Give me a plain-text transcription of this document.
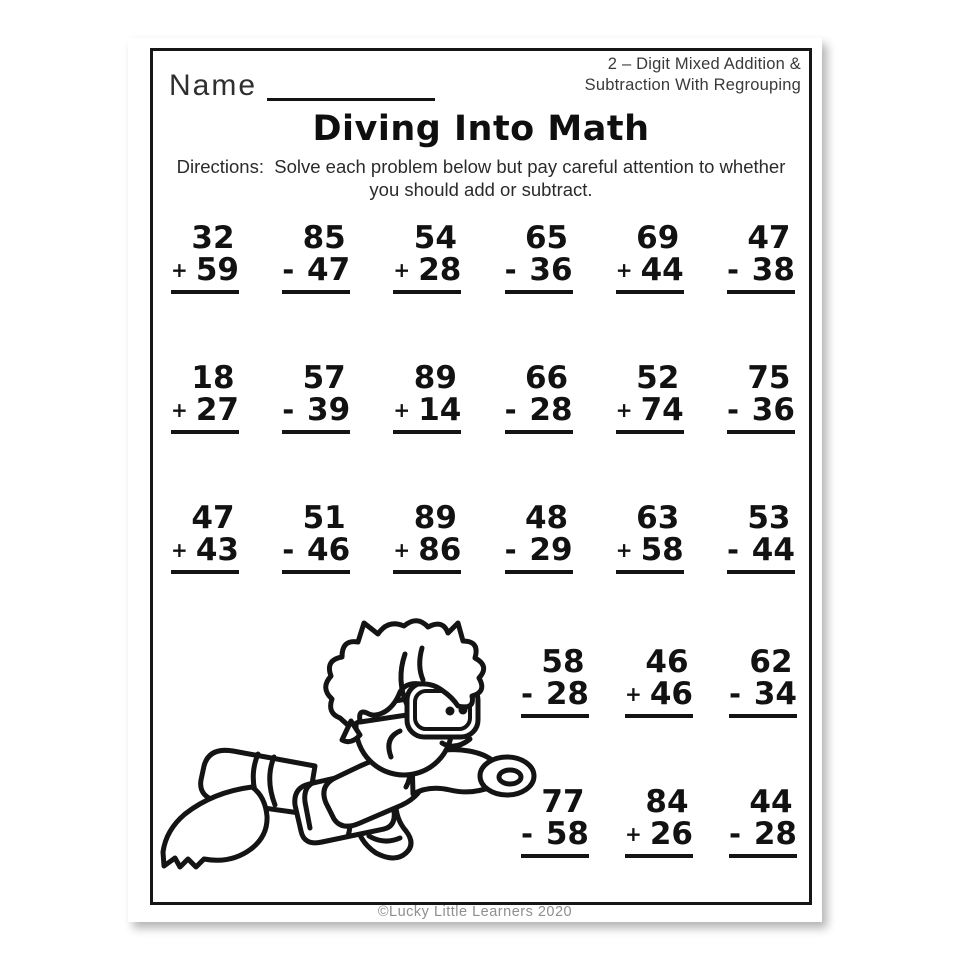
Name
2 – Digit Mixed Addition &
Subtraction With Regrouping
Diving Into Math
Directions:  Solve each problem below but pay careful attention to whether
you should add or subtract.
32
+ 59
85
- 47
54
+ 28
65
- 36
69
+ 44
47
- 38
18
+ 27
57
- 39
89
+ 14
66
- 28
52
+ 74
75
- 36
47
+ 43
51
- 46
89
+ 86
48
- 29
63
+ 58
53
- 44
58
- 28
46
+ 46
62
- 34
77
- 58
84
+ 26
44
- 28
©Lucky Little Learners 2020
